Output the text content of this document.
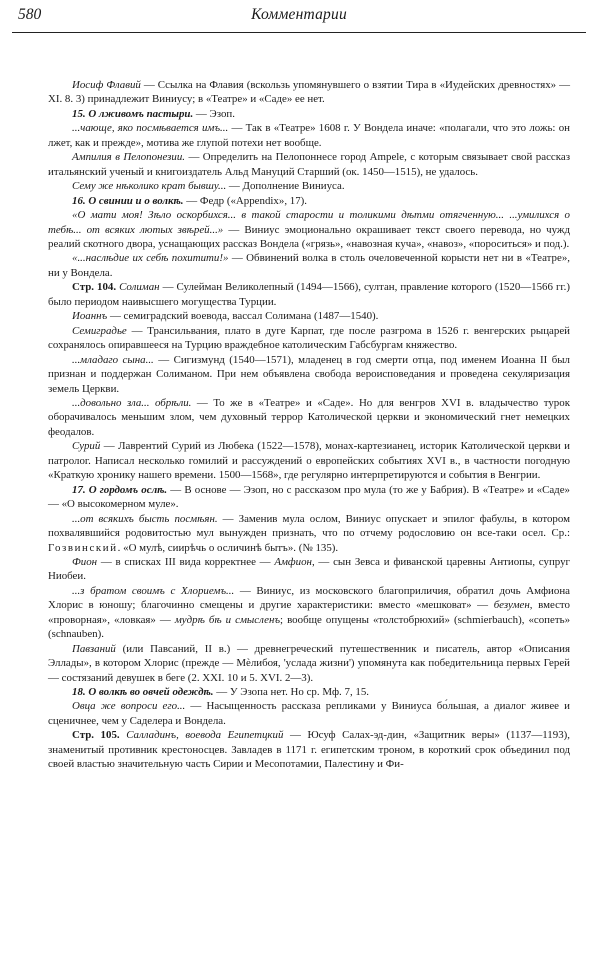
580	Комментарии

Иосиф Флавий — Ссылка на Флавия (вскользь упомянувшего о взятии Тира в «Иудейских древностях» — XI. 8. 3) принадлежит Виниусу; в «Театре» и «Саде» ее нет.

15. О лживомъ пастыри. — Эзоп.

...чающе, яко посмѣвается имъ... — Так в «Театре» 1608 г. У Вондела иначе: «полагали, что это ложь: он лжет, как и прежде», мотива же глупой потехи нет вообще.

Ампилия в Пелопонезии. — Определить на Пелопоннесе город Ampele, с которым связывает свой рассказ итальянский ученый и книгоиздатель Альд Мануций Старший (ок. 1450—1515), не удалось.

Сему же нѣколико крат бывшу... — Дополнение Виниуса.

16. О свинии и о волкѣ. — Федр («Appendix», 17).

«О мати моя! Зѣло оскорбихся... в такой старости и толиκими дѣтми отягченную... ...умилихся о тебѣ... от всяких лютых звѣрей...» — Виниус эмоционально окрашивает текст своего перевода, но чужд реалий скотного двора, уснащающих рассказ Вондела («грязь», «навозная куча», «навоз», «пороситься» и под.).

«...наслѣдие их себѣ похитити!» — Обвинений волка в столь очеловеченной корысти нет ни в «Театре», ни у Вондела.

Стр. 104. Солиман — Сулейман Великолепный (1494—1566), султан, правление которого (1520—1566 гг.) было периодом наивысшего могущества Турции.

Иоаннъ — семиградский воевода, вассал Солимана (1487—1540).

Семиградье — Трансильвания, плато в дуге Карпат, где после разгрома в 1526 г. венгерских рыцарей сохранялось опиравшееся на Турцию враждебное католическим Габсбургам княжество.

...младаго сына... — Сигизмунд (1540—1571), младенец в год смерти отца, под именем Иоанна II был признан и поддержан Солиманом. При нем объявлена свобода вероисповедания и проведена секуляризация земель Церкви.

...довольно зла... обрѣли. — То же в «Театре» и «Саде». Но для венгров XVI в. владычество турок оборачивалось меньшим злом, чем духовный террор Католической церкви и экономический гнет немецких феодалов.

Сурий — Лаврентий Сурий из Любека (1522—1578), монах-картезианец, историк Католической церкви и патролог. Написал несколько гомилий и рассуждений о европейских событиях XVI в., в частности погодную «Краткую хронику нашего времени. 1500—1568», где регулярно интерпретируются и события в Венгрии.

17. О гордомъ ослѣ. — В основе — Эзоп, но с рассказом про мула (то же у Бабрия). В «Театре» и «Саде» — «О высокомерном муле».

...от всякихъ бысть посмѣян. — Заменив мула ослом, Виниус опускает и эпилог фабулы, в котором похвалявшийся родовитостью мул вынужден признать, что по отчему родословию он все-таки осел. Ср.: Гозвинский. «О мулѣ, сиирѣчь о осличинѣ бытъ». (№ 135).

Фион — в списках III вида корректнее — Амфион, — сын Зевса и фиванской царевны Антиопы, супруг Ниобеи.

...з братом своимъ с Хлориемъ... — Виниус, из московского благоприличия, обратил дочь Амфиона Хлорис в юношу; благочинно смещены и другие характеристики: вместо «мешковат» — безумен, вместо «проворная», «ловкая» — мудрѣ бѣ и смысленъ; вообще опущены «толстобрюхий» (schmierbauch), «сопеть» (schnauben).

Павзаний (или Павсаний, II в.) — древнегреческий путешественник и писатель, автор «Описания Эллады», в котором Хлорис (прежде — Мѐлибоя, 'услада жизни') упомянута как победительница первых Герей — состязаний девушек в беге (2. XXI. 10 и 5. XVI. 2—3).

18. О волкѣ во овчей одеждѣ. — У Эзопа нет. Но ср. Мф. 7, 15.

Овца же вопроси его... — Насыщенность рассказа репликами у Виниуса бо́льшая, а диалог живее и сценичнее, чем у Саделера и Вондела.

Стр. 105. Салладинъ, воевода Египетцкий — Юсуф Салах-эд-дин, «Защитник веры» (1137—1193), знаменитый противник крестоносцев. Завладев в 1171 г. египетским троном, в короткий срок объединил под своей властью значительную часть Сирии и Месопотамии, Палестину и Фи-
